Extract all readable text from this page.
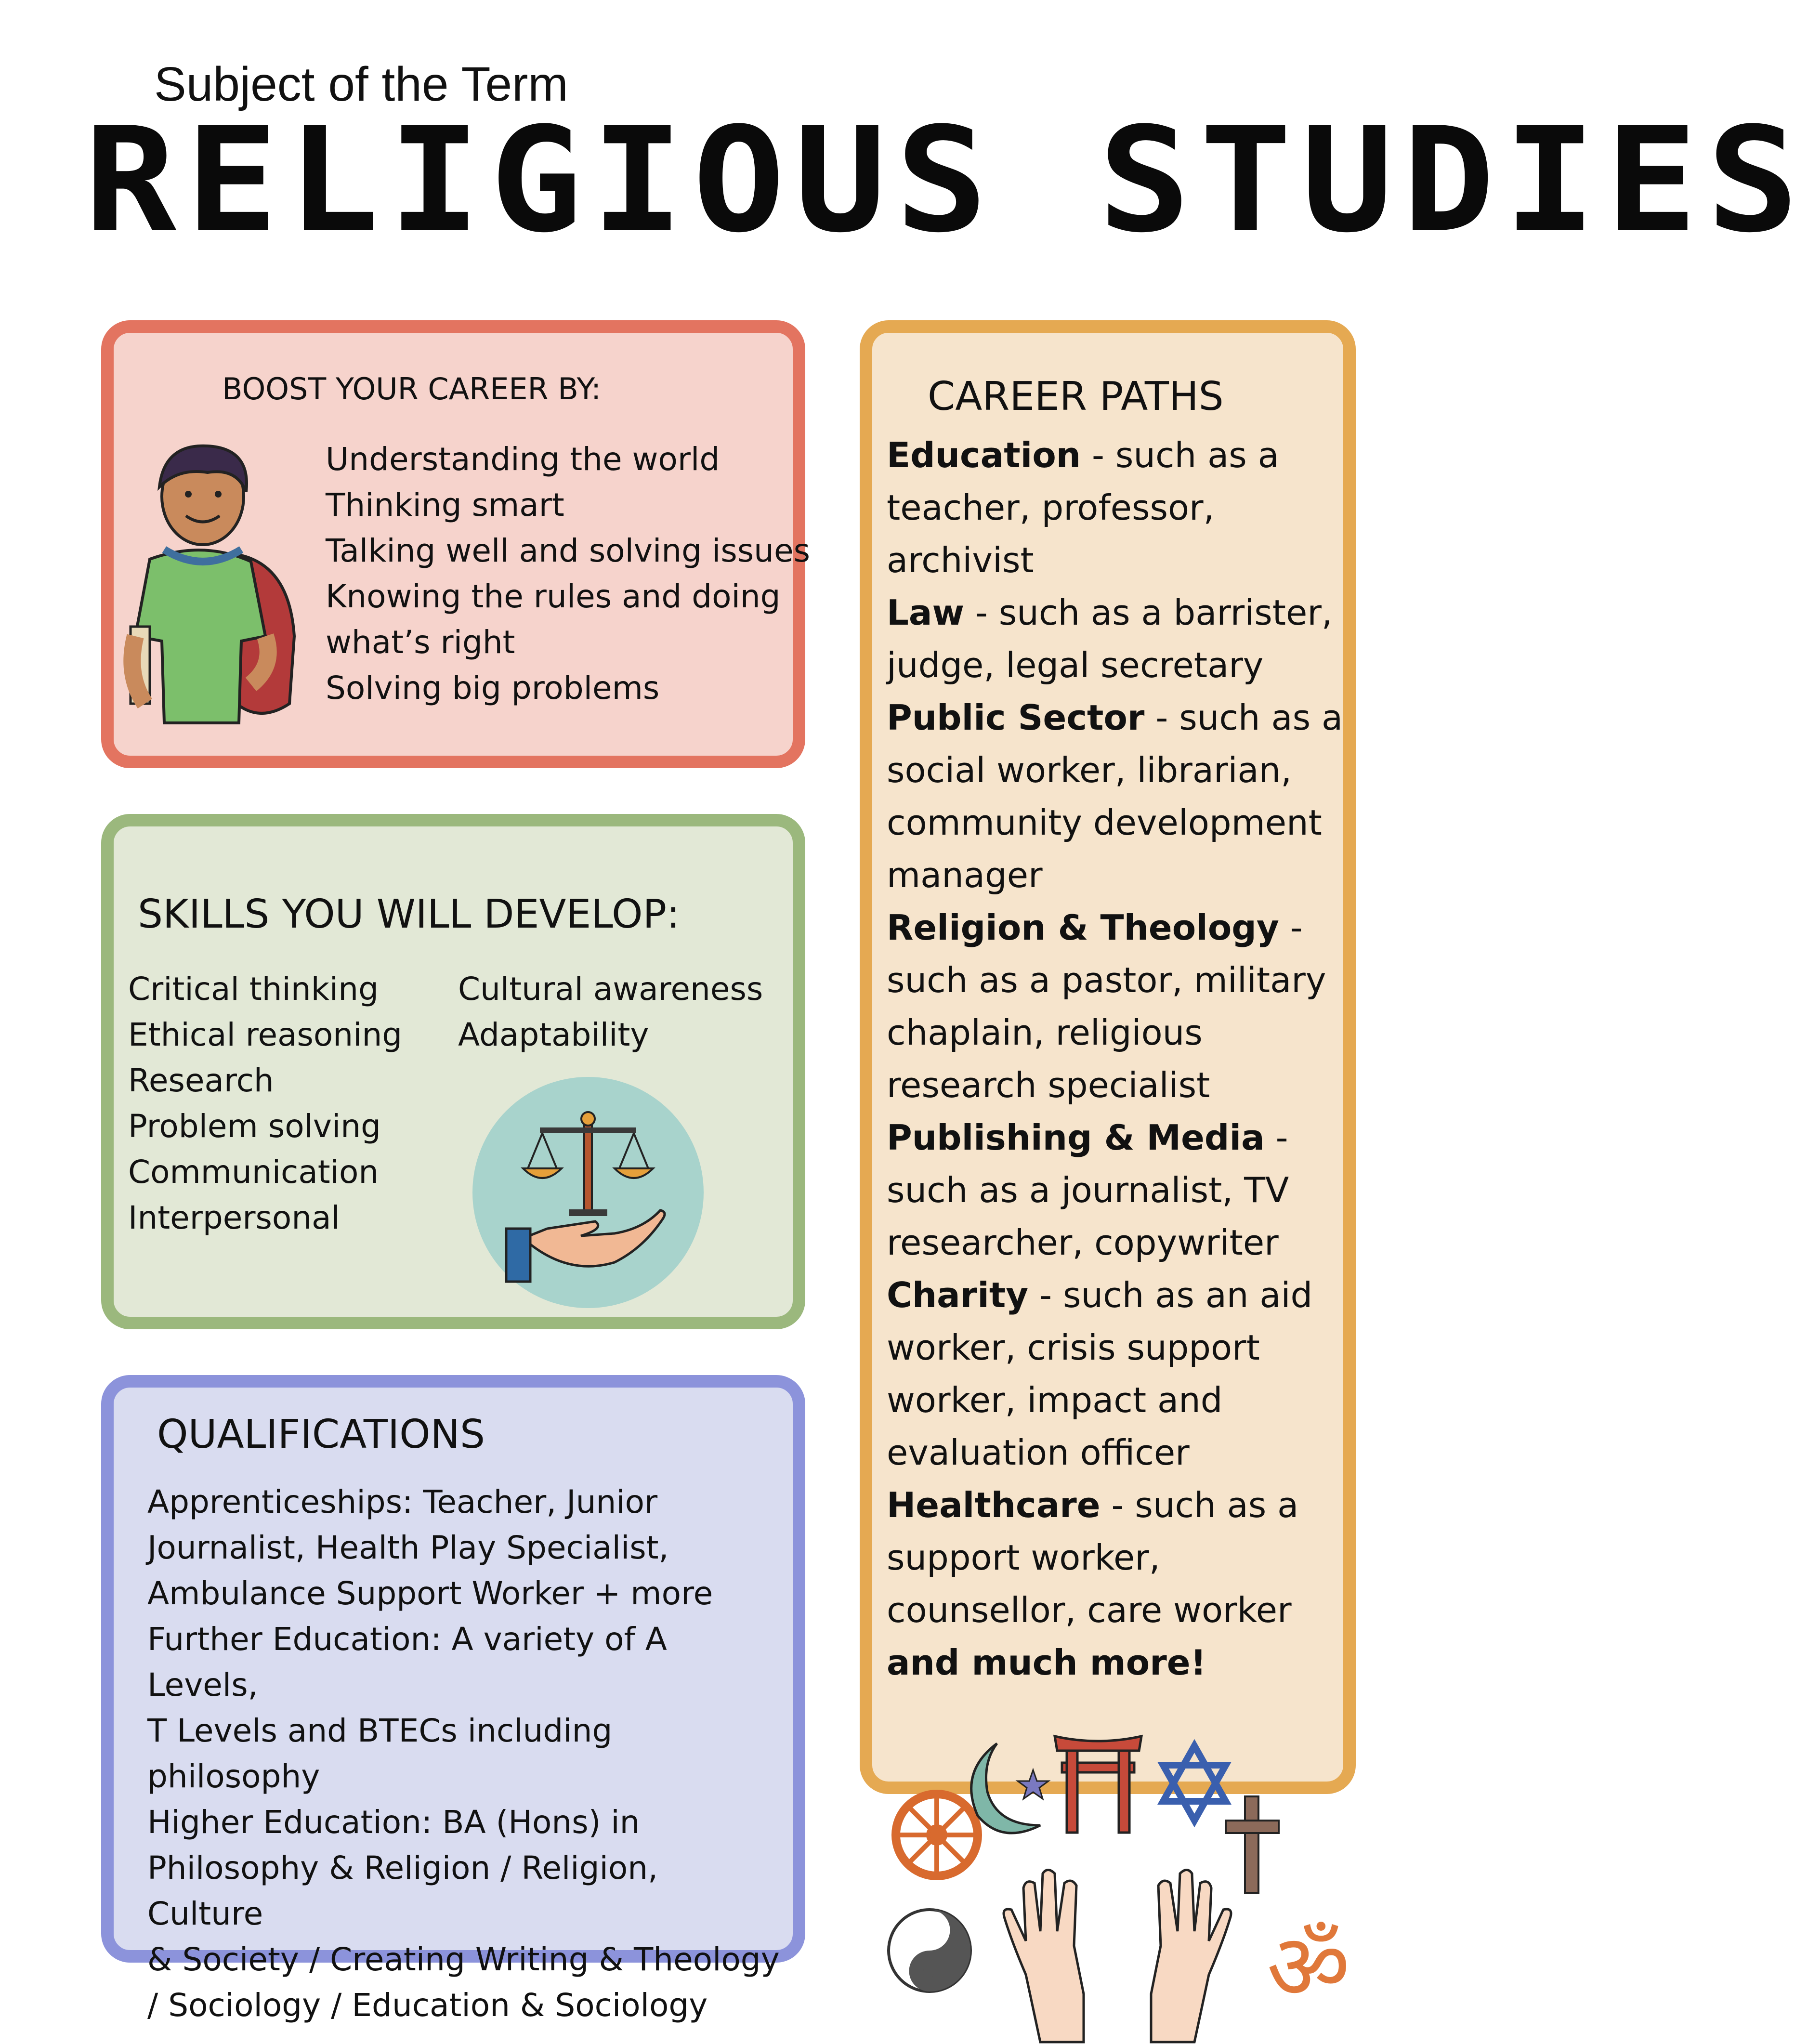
Subject of the Term
RELIGIOUS STUDIES
BOOST YOUR CAREER BY:
Understanding the world
Thinking smart
Talking well and solving issues
Knowing the rules and doing
what’s right
Solving big problems
SKILLS YOU WILL DEVELOP:
Critical thinking
Ethical reasoning
Research
Problem solving
Communication
Interpersonal
Cultural awareness
Adaptability
QUALIFICATIONS
Apprenticeships: Teacher, Junior
Journalist, Health Play Specialist,
Ambulance Support Worker + more
Further Education: A variety of A Levels,
T Levels and BTECs including philosophy
Higher Education: BA (Hons) in
Philosophy & Religion / Religion, Culture
& Society / Creating Writing & Theology
/ Sociology / Education & Sociology
CAREER PATHS
Education - such as a teacher, professor, archivist
Law - such as a barrister, judge, legal secretary
Public Sector - such as a social worker, librarian, community development manager
Religion & Theology - such as a pastor, military chaplain, religious research specialist
Publishing & Media - such as a journalist, TV researcher, copywriter
Charity - such as an aid worker, crisis support worker, impact and evaluation officer
Healthcare - such as a support worker, counsellor, care worker
and much more!
ॐ
